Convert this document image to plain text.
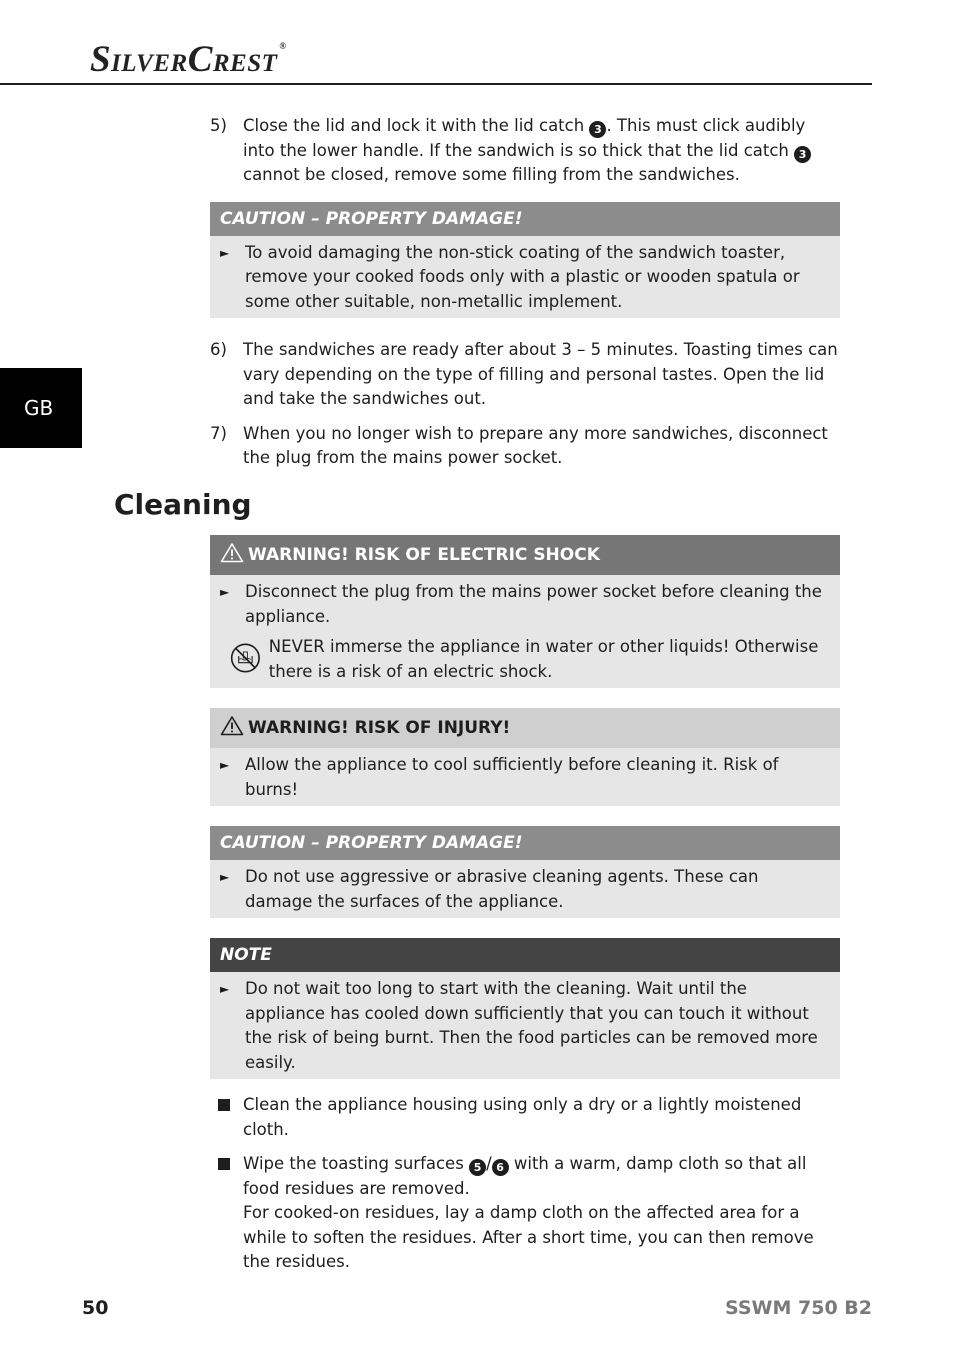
SILVERCREST®
GB
5) Close the lid and lock it with the lid catch 3 . This must click audibly into the lower handle. If the sandwich is so thick that the lid catch 3 cannot be closed, remove some filling from the sandwiches.
CAUTION – PROPERTY DAMAGE!
► To avoid damaging the non-stick coating of the sandwich toaster, remove your cooked foods only with a plastic or wooden spatula or some other suitable, non-metallic implement.
6) The sandwiches are ready after about 3 – 5 minutes. Toasting times can vary depending on the type of filling and personal tastes. Open the lid and take the sandwiches out.
7) When you no longer wish to prepare any more sandwiches, disconnect the plug from the mains power socket.
Cleaning
WARNING! RISK OF ELECTRIC SHOCK
► Disconnect the plug from the mains power socket before cleaning the appliance.
NEVER immerse the appliance in water or other liquids! Otherwise there is a risk of an electric shock.
WARNING! RISK OF INJURY!
► Allow the appliance to cool sufficiently before cleaning it. Risk of burns!
CAUTION – PROPERTY DAMAGE!
► Do not use aggressive or abrasive cleaning agents. These can damage the surfaces of the appliance.
NOTE
► Do not wait too long to start with the cleaning. Wait until the appliance has cooled down sufficiently that you can touch it without the risk of being burnt. Then the food particles can be removed more easily.
Clean the appliance housing using only a dry or a lightly moistened cloth.
Wipe the toasting surfaces 5 / 6 with a warm, damp cloth so that all food residues are removed.
For cooked-on residues, lay a damp cloth on the affected area for a while to soften the residues. After a short time, you can then remove the residues.
50	SSWM 750 B2
